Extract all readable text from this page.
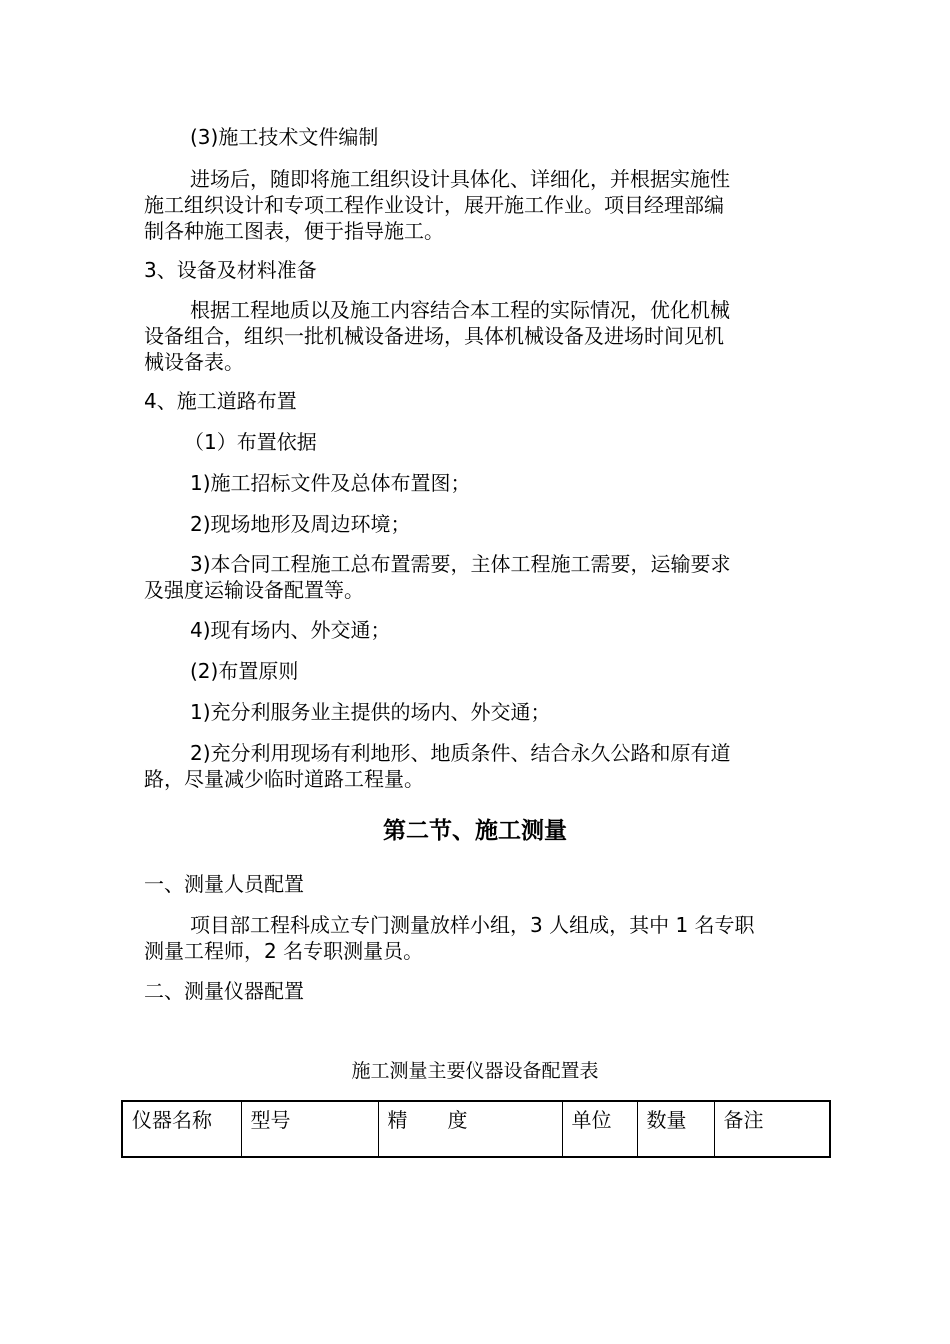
(3)施工技术文件编制

进场后，随即将施工组织设计具体化、详细化，并根据实施性
施工组织设计和专项工程作业设计，展开施工作业。项目经理部编
制各种施工图表，便于指导施工。

3、设备及材料准备

根据工程地质以及施工内容结合本工程的实际情况，优化机械
设备组合，组织一批机械设备进场，具体机械设备及进场时间见机
械设备表。

4、施工道路布置

（1）布置依据

1)施工招标文件及总体布置图；

2)现场地形及周边环境；

3)本合同工程施工总布置需要，主体工程施工需要，运输要求
及强度运输设备配置等。

4)现有场内、外交通；

(2)布置原则

1)充分利服务业主提供的场内、外交通；

2)充分利用现场有利地形、地质条件、结合永久公路和原有道
路，尽量减少临时道路工程量。
第二节、施工测量

一、测量人员配置

项目部工程科成立专门测量放样小组，3 人组成，其中 1 名专职
测量工程师，2 名专职测量员。

二、测量仪器配置

施工测量主要仪器设备配置表

仪器名称	型号	精　　度	单位	数量	备注
